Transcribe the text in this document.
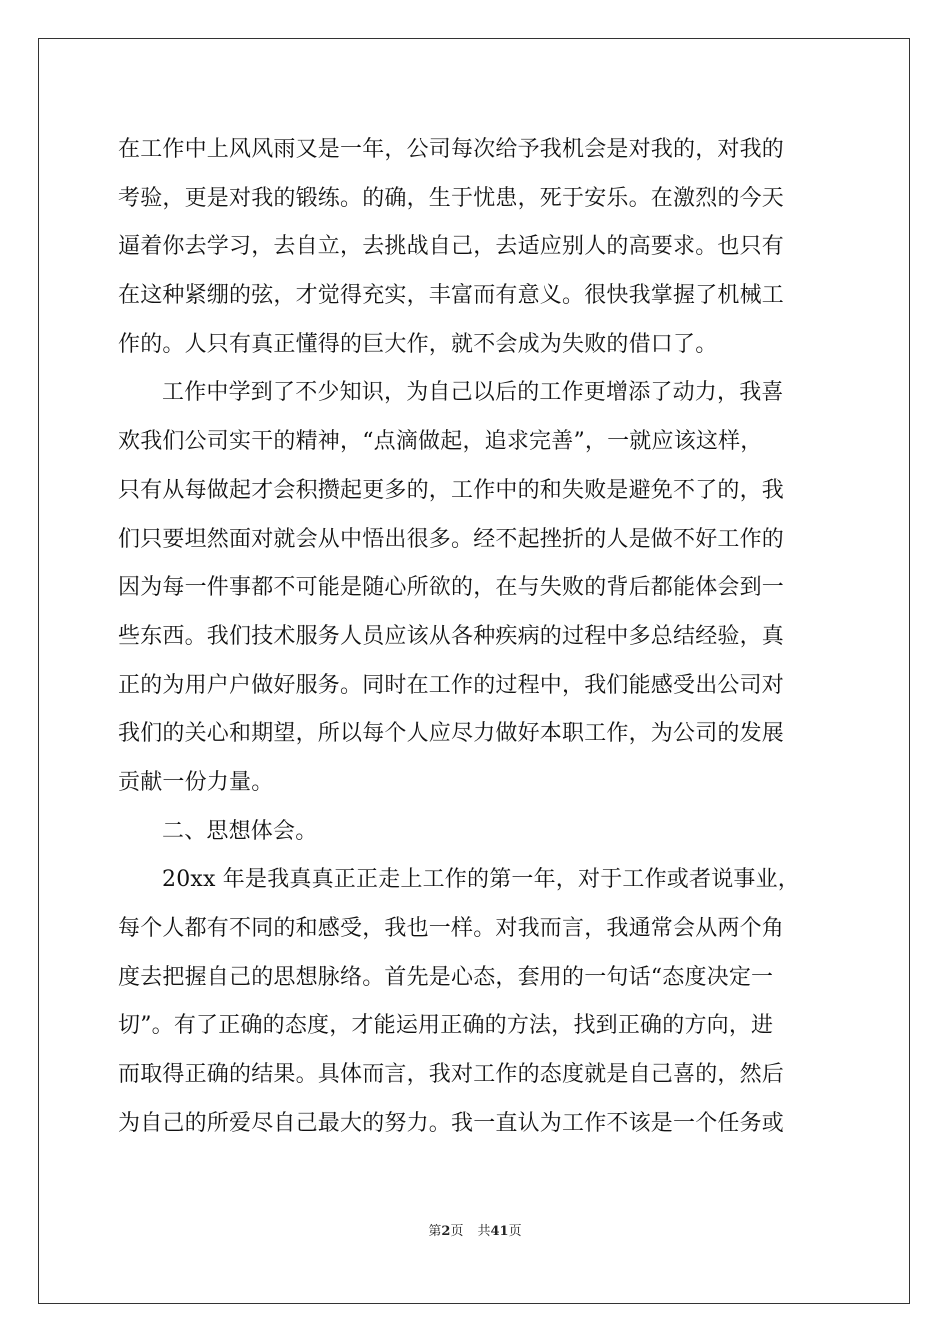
在工作中上风风雨又是一年，公司每次给予我机会是对我的，对我的
考验，更是对我的锻练。的确，生于忧患，死于安乐。在激烈的今天
逼着你去学习，去自立，去挑战自己，去适应别人的高要求。也只有
在这种紧绷的弦，才觉得充实，丰富而有意义。很快我掌握了机械工
作的。人只有真正懂得的巨大作，就不会成为失败的借口了。
工作中学到了不少知识，为自己以后的工作更增添了动力，我喜
欢我们公司实干的精神，“点滴做起，追求完善”，一就应该这样，
只有从每做起才会积攒起更多的，工作中的和失败是避免不了的，我
们只要坦然面对就会从中悟出很多。经不起挫折的人是做不好工作的
因为每一件事都不可能是随心所欲的，在与失败的背后都能体会到一
些东西。我们技术服务人员应该从各种疾病的过程中多总结经验，真
正的为用户户做好服务。同时在工作的过程中，我们能感受出公司对
我们的关心和期望，所以每个人应尽力做好本职工作，为公司的发展
贡献一份力量。
二、思想体会。
20xx 年是我真真正正走上工作的第一年，对于工作或者说事业，
每个人都有不同的和感受，我也一样。对我而言，我通常会从两个角
度去把握自己的思想脉络。首先是心态，套用的一句话“态度决定一
切”。有了正确的态度，才能运用正确的方法，找到正确的方向，进
而取得正确的结果。具体而言，我对工作的态度就是自己喜的，然后
为自己的所爱尽自己最大的努力。我一直认为工作不该是一个任务或
第2页 共41页
